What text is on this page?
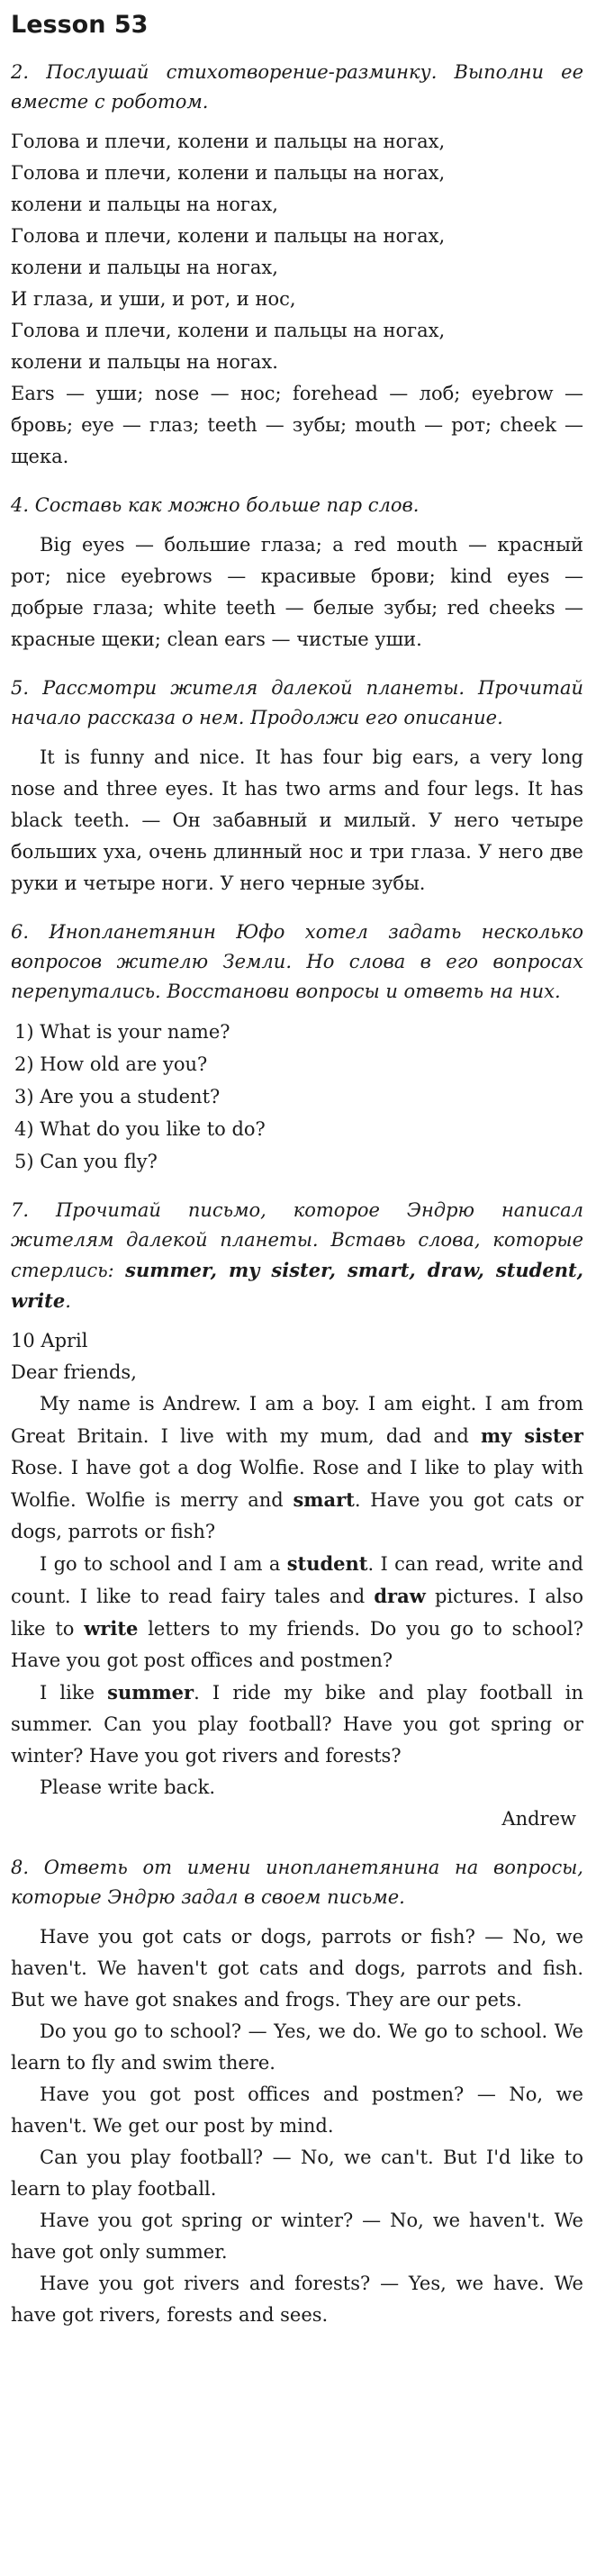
Lesson 53

2. Послушай стихотворение-разминку. Выполни ее вместе с роботом.

Голова и плечи, колени и пальцы на ногах,

Голова и плечи, колени и пальцы на ногах,

колени и пальцы на ногах,

Голова и плечи, колени и пальцы на ногах,

колени и пальцы на ногах,

И глаза, и уши, и рот, и нос,

Голова и плечи, колени и пальцы на ногах,

колени и пальцы на ногах.

Ears — уши; nose — нос; forehead — лоб; eyebrow — бровь; eye — глаз; teeth — зубы; mouth — рот; cheek — щека.

4. Составь как можно больше пар слов.

Big eyes — большие глаза; a red mouth — красный рот; nice eyebrows — красивые брови; kind eyes — добрые глаза; white teeth — белые зубы; red cheeks — красные щеки; clean ears — чистые уши.

5. Рассмотри жителя далекой планеты. Прочитай начало рассказа о нем. Продолжи его описание.

It is funny and nice. It has four big ears, a very long nose and three eyes. It has two arms and four legs. It has black teeth. — Он забавный и милый. У него четыре больших уха, очень длинный нос и три глаза. У него две руки и четыре ноги. У него черные зубы.

6. Инопланетянин Юфо хотел задать несколько вопросов жителю Земли. Но слова в его вопросах перепутались. Восстанови вопросы и ответь на них.

1) What is your name?

2) How old are you?

3) Are you a student?

4) What do you like to do?

5) Can you fly?

7. Прочитай письмо, которое Эндрю написал жителям далекой планеты. Вставь слова, которые стерлись: summer, my sister, smart, draw, student, write.

10 April

Dear friends,

My name is Andrew. I am a boy. I am eight. I am from Great Britain. I live with my mum, dad and my sister Rose. I have got a dog Wolfie. Rose and I like to play with Wolfie. Wolfie is merry and smart. Have you got cats or dogs, parrots or fish?

I go to school and I am a student. I can read, write and count. I like to read fairy tales and draw pictures. I also like to write letters to my friends. Do you go to school? Have you got post offices and postmen?

I like summer. I ride my bike and play football in summer. Can you play football? Have you got spring or winter? Have you got rivers and forests?

Please write back.

Andrew

8. Ответь от имени инопланетянина на вопросы, которые Эндрю задал в своем письме.

Have you got cats or dogs, parrots or fish? — No, we haven't. We haven't got cats and dogs, parrots and fish. But we have got snakes and frogs. They are our pets.

Do you go to school? — Yes, we do. We go to school. We learn to fly and swim there.

Have you got post offices and postmen? — No, we haven't. We get our post by mind.

Can you play football? — No, we can't. But I'd like to learn to play football.

Have you got spring or winter? — No, we haven't. We have got only summer.

Have you got rivers and forests? — Yes, we have. We have got rivers, forests and sees.
